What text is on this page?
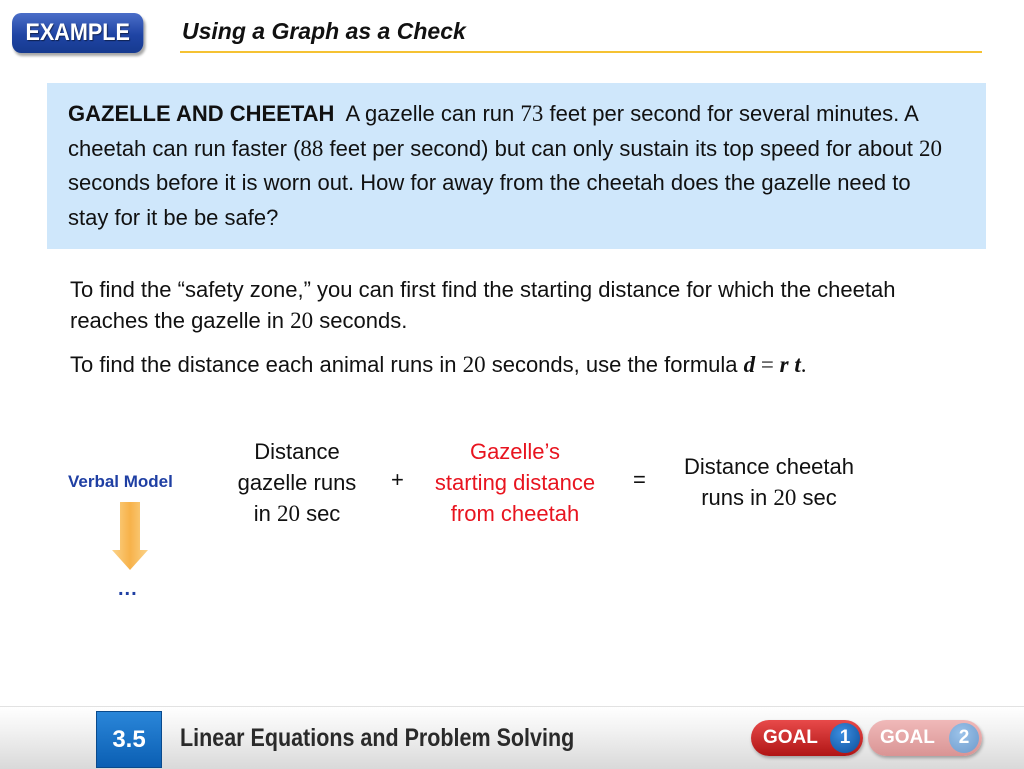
EXAMPLE	Using a Graph as a Check
GAZELLE AND CHEETAH A gazelle can run 73 feet per second for several minutes. A cheetah can run faster (88 feet per second) but can only sustain its top speed for about 20 seconds before it is worn out. How for away from the cheetah does the gazelle need to stay for it be be safe?
To find the “safety zone,” you can first find the starting distance for which the cheetah reaches the gazelle in 20 seconds.
To find the distance each animal runs in 20 seconds, use the formula d = r t.
Verbal Model
...
Distance
gazelle runs
in 20 sec
+
Gazelle’s
starting distance
from cheetah
=
Distance cheetah
runs in 20 sec
3.5	Linear Equations and Problem Solving	GOAL	1	GOAL	2
